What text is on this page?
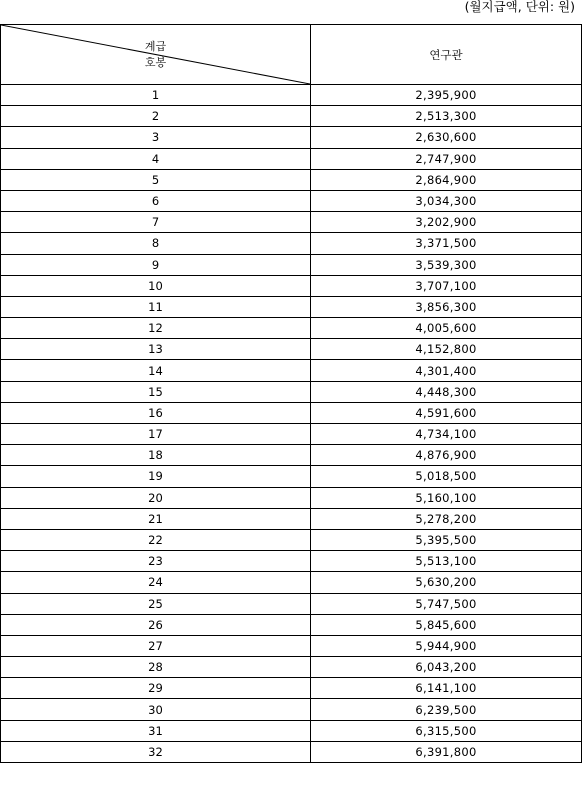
(월지급액, 단위: 원)
계급
호봉	연구관
1	2,395,900
2	2,513,300
3	2,630,600
4	2,747,900
5	2,864,900
6	3,034,300
7	3,202,900
8	3,371,500
9	3,539,300
10	3,707,100
11	3,856,300
12	4,005,600
13	4,152,800
14	4,301,400
15	4,448,300
16	4,591,600
17	4,734,100
18	4,876,900
19	5,018,500
20	5,160,100
21	5,278,200
22	5,395,500
23	5,513,100
24	5,630,200
25	5,747,500
26	5,845,600
27	5,944,900
28	6,043,200
29	6,141,100
30	6,239,500
31	6,315,500
32	6,391,800
